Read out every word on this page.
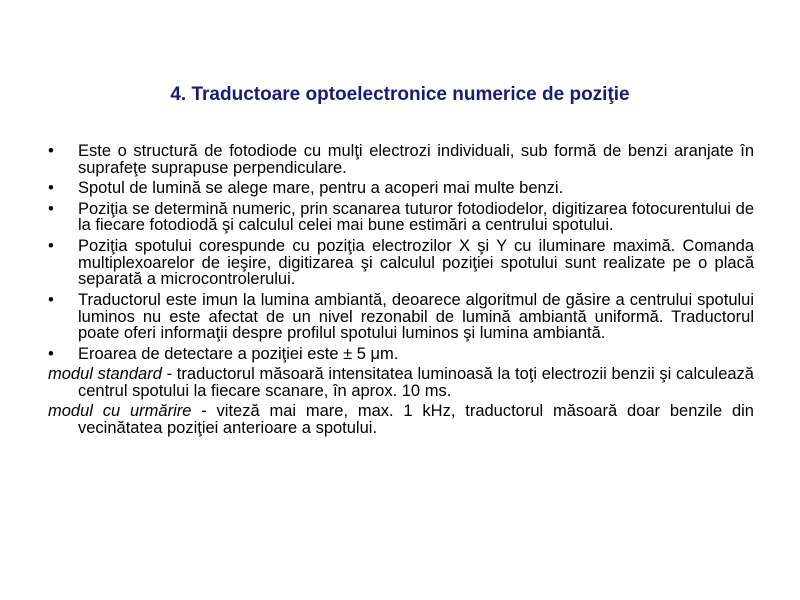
4. Traductoare optoelectronice numerice de poziţie
•	Este o structură de fotodiode cu mulţi electrozi individuali, sub formă de benzi aranjate în suprafeţe suprapuse perpendiculare.
•	Spotul de lumină se alege mare, pentru a acoperi mai multe benzi.
•	Poziţia se determină numeric, prin scanarea tuturor fotodiodelor, digitizarea fotocurentului de la fiecare fotodiodă şi calculul celei mai bune estimări a centrului spotului.
•	Poziţia spotului corespunde cu poziţia electrozilor X şi Y cu iluminare maximă. Comanda multiplexoarelor de ieşire, digitizarea şi calculul poziţiei spotului sunt realizate pe o placă separată a microcontrolerului.
•	Traductorul este imun la lumina ambiantă, deoarece algoritmul de găsire a centrului spotului luminos nu este afectat de un nivel rezonabil de lumină ambiantă uniformă. Traductorul poate oferi informaţii despre profilul spotului luminos şi lumina ambiantă.
•	Eroarea de detectare a poziţiei este ± 5 μm.
modul standard - traductorul măsoară intensitatea luminoasă la toţi electrozii benzii şi calculează centrul spotului la fiecare scanare, în aprox. 10 ms.
modul cu urmărire - viteză mai mare, max. 1 kHz, traductorul măsoară doar benzile din vecinătatea poziţiei anterioare a spotului.
